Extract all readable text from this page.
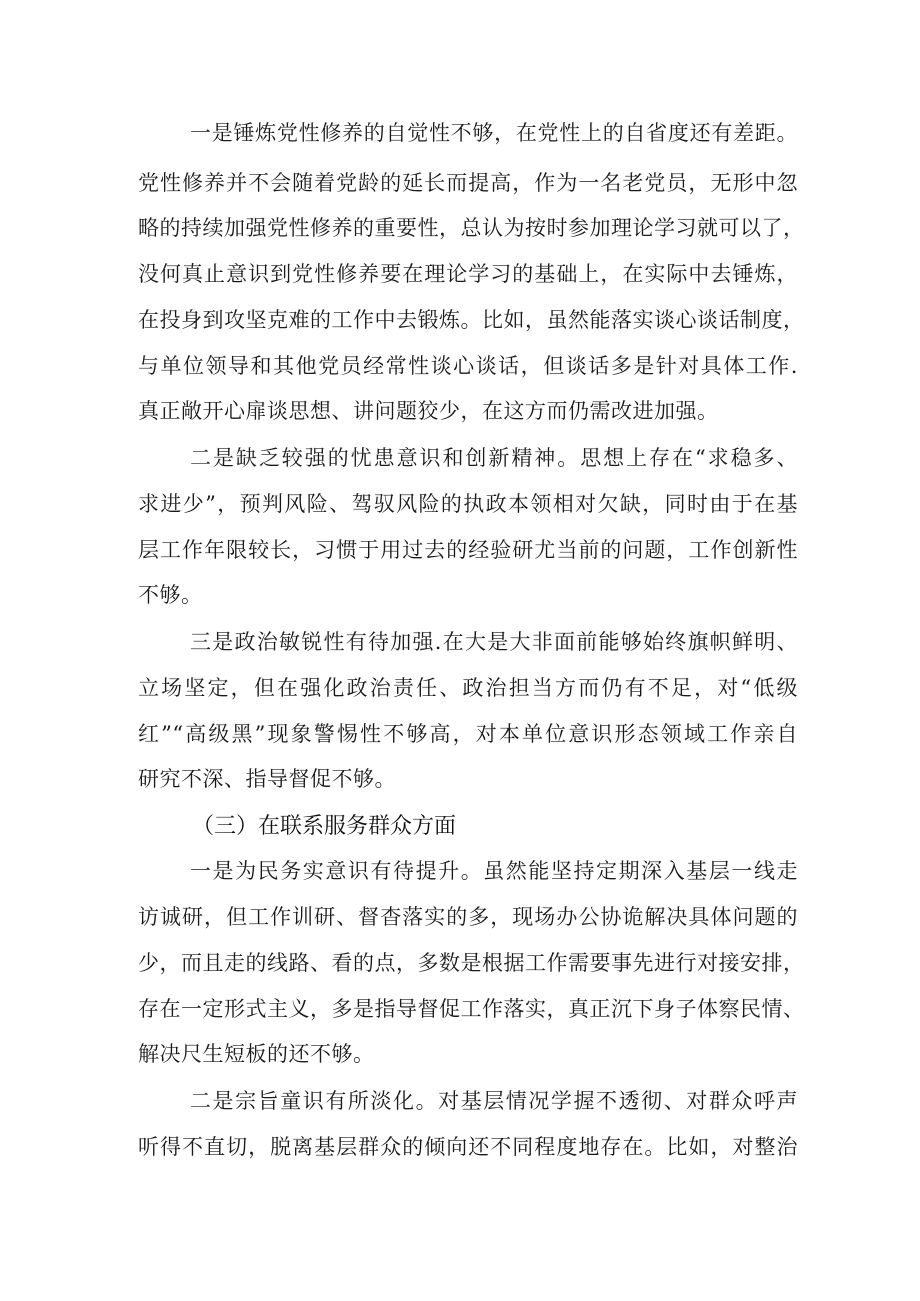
一是锤炼党性修养的自觉性不够，在党性上的自省度还有差距。
党性修养并不会随着党龄的延长而提高，作为一名老党员，无形中忽
略的持续加强党性修养的重要性，总认为按时参加理论学习就可以了，
没何真止意识到党性修养要在理论学习的基础上，在实际中去锤炼，
在投身到攻坚克难的工作中去锻炼。比如，虽然能落实谈心谈话制度，
与单位领导和其他党员经常性谈心谈话，但谈话多是针对具体工作.
真正敞开心扉谈思想、讲问题狡少，在这方而仍需改进加强。
二是缺乏较强的忧患意识和创新精神。思想上存在“求稳多、
求进少”，预判风险、驾驭风险的执政本领相对欠缺，同时由于在基
层工作年限较长，习惯于用过去的经验研尤当前的问题，工作创新性
不够。
三是政治敏锐性有待加强.在大是大非面前能够始终旗帜鲜明、
立场坚定，但在强化政治责任、政治担当方而仍有不足，对“低级
红”“高级黑”现象警惕性不够高，对本单位意识形态领域工作亲自
研究不深、指导督促不够。
（三）在联系服务群众方面
一是为民务实意识有待提升。虽然能坚持定期深入基层一线走
访诚研，但工作训研、督杳落实的多，现场办公协诡解决具体问题的
少，而且走的线路、看的点，多数是根据工作需要事先进行对接安排，
存在一定形式主义，多是指导督促工作落实，真正沉下身子体察民情、
解决尺生短板的还不够。
二是宗旨童识有所淡化。对基层情况学握不透彻、对群众呼声
听得不直切，脱离基层群众的倾向还不同程度地存在。比如，对整治
